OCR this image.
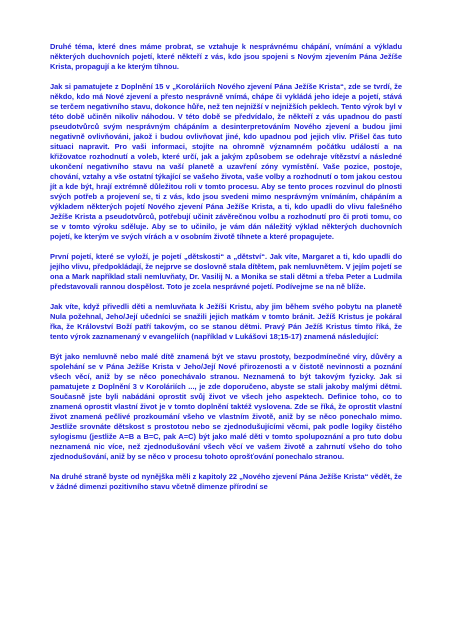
Druhé téma, které dnes máme probrat, se vztahuje k nesprávnému chápání, vnímání a výkladu některých duchovních pojetí, které někteří z vás, kdo jsou spojeni s Novým zjevením Pána Ježíše Krista, propagují a ke kterým tíhnou.

Jak si pamatujete z Doplnění 15 v „Koroláriích Nového zjevení Pána Ježíše Krista“, zde se tvrdí, že někdo, kdo má Nové zjevení a přesto nesprávně vnímá, chápe či vykládá jeho ideje a pojetí, stává se terčem negativního stavu, dokonce hůře, než ten nejnižší v nejnižších peklech. Tento výrok byl v této době učiněn nikoliv náhodou. V této době se předvídalo, že někteří z vás upadnou do pastí pseudotvůrců svým nesprávným chápáním a desinterpretováním Nového zjevení a budou jimi negativně ovlivňováni, jakož i budou ovlivňovat jiné, kdo upadnou pod jejich vliv. Přišel čas tuto situaci napravit. Pro vaši informaci, stojíte na ohromně významném počátku událostí a na křižovatce rozhodnutí a voleb, které určí, jak a jakým způsobem se odehraje vítězství a následné ukončení negativního stavu na vaší planetě a uzavření zóny vymístění. Vaše pozice, postoje, chování, vztahy a vše ostatní týkající se vašeho života, vaše volby a rozhodnutí o tom jakou cestou jít a kde být, hrají extrémně důležitou roli v tomto procesu. Aby se tento proces rozvinul do plnosti svých potřeb a projevení se, ti z vás, kdo jsou svedeni mimo nesprávným vnímáním, chápáním a výkladem některých pojetí Nového zjevení Pána Ježíše Krista, a ti, kdo upadli do vlivu falešného Ježíše Krista a pseudotvůrců, potřebují učinit závěrečnou volbu a rozhodnutí pro či proti tomu, co se v tomto výroku sděluje. Aby se to učinilo, je vám dán náležitý výklad některých duchovních pojetí, ke kterým ve svých vírách a v osobním životě tíhnete a které propagujete.

První pojetí, které se vyloží, je pojetí „dětskosti“ a „dětství“. Jak víte, Margaret a ti, kdo upadli do jejího vlivu, předpokládají, že nejprve se doslovně stala dítětem, pak nemluvnětem. V jejím pojetí se ona a Mark například stali nemluvňaty, Dr. Vasilij N. a Monika se stali dětmi a třeba Peter a Ludmila představovali rannou dospělost. Toto je zcela nesprávné pojetí. Podívejme se na ně blíže.

Jak víte, když přivedli děti a nemluvňata k Ježíši Kristu, aby jim během svého pobytu na planetě Nula požehnal, Jeho/Její učedníci se snažili jejich matkám v tomto bránit. Ježíš Kristus je pokáral řka, že Království Boží patří takovým, co se stanou dětmi. Pravý Pán Ježíš Kristus tímto říká, že tento výrok zaznamenaný v evangeliích (například v Lukášovi 18;15-17) znamená následující:

Být jako nemluvně nebo malé dítě znamená být ve stavu prostoty, bezpodmínečné víry, důvěry a spolehání se v Pána Ježíše Krista v Jeho/Její Nové přirozenosti a v čistotě nevinnosti a poznání všech věcí, aniž by se něco ponechávalo stranou. Neznamená to být takovým fyzicky. Jak si pamatujete z Doplnění 3 v Koroláriích ..., je zde doporučeno, abyste se stali jakoby malými dětmi. Současně jste byli nabádáni oprostit svůj život ve všech jeho aspektech. Definice toho, co to znamená oprostit vlastní život je v tomto doplnění taktéž vyslovena. Zde se říká, že oprostit vlastní život znamená pečlivé prozkoumání všeho ve vlastním životě, aniž by se něco ponechalo mimo. Jestliže srovnáte dětskost s prostotou nebo se zjednodušujícími věcmi, pak podle logiky čistého sylogismu (jestliže A=B a B=C, pak A=C) být jako malé děti v tomto spolupoznání a pro tuto dobu neznamená nic více, než zjednodušování všech věcí ve vašem životě a zahrnutí všeho do toho zjednodušování, aniž by se něco v procesu tohoto oprošťování ponechalo stranou.

Na druhé straně byste od nynějška měli z kapitoly 22 „Nového zjevení Pána Ježíše Krista“ vědět, že v žádné dimenzi pozitivního stavu včetně dimenze přírodní se
